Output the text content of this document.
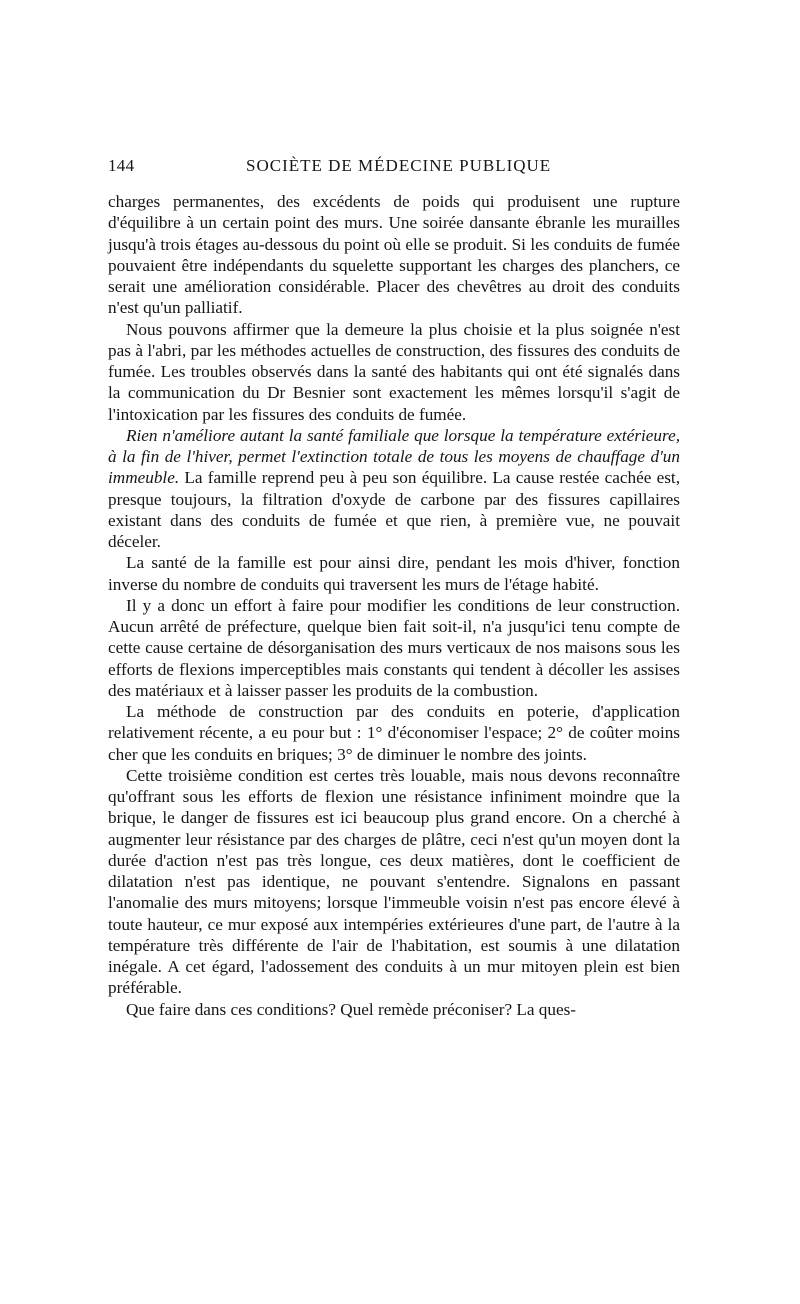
144	SOCIÈTE DE MÉDECINE PUBLIQUE

charges permanentes, des excédents de poids qui produisent une rupture d'équilibre à un certain point des murs. Une soirée dansante ébranle les murailles jusqu'à trois étages au-dessous du point où elle se produit. Si les conduits de fumée pouvaient être indépendants du squelette supportant les charges des planchers, ce serait une amélioration considérable. Placer des chevêtres au droit des conduits n'est qu'un palliatif.

Nous pouvons affirmer que la demeure la plus choisie et la plus soignée n'est pas à l'abri, par les méthodes actuelles de construction, des fissures des conduits de fumée. Les troubles observés dans la santé des habitants qui ont été signalés dans la communication du Dr Besnier sont exactement les mêmes lorsqu'il s'agit de l'intoxication par les fissures des conduits de fumée.

Rien n'améliore autant la santé familiale que lorsque la température extérieure, à la fin de l'hiver, permet l'extinction totale de tous les moyens de chauffage d'un immeuble. La famille reprend peu à peu son équilibre. La cause restée cachée est, presque toujours, la filtration d'oxyde de carbone par des fissures capillaires existant dans des conduits de fumée et que rien, à première vue, ne pouvait déceler.

La santé de la famille est pour ainsi dire, pendant les mois d'hiver, fonction inverse du nombre de conduits qui traversent les murs de l'étage habité.

Il y a donc un effort à faire pour modifier les conditions de leur construction. Aucun arrêté de préfecture, quelque bien fait soit-il, n'a jusqu'ici tenu compte de cette cause certaine de désorganisation des murs verticaux de nos maisons sous les efforts de flexions imperceptibles mais constants qui tendent à décoller les assises des matériaux et à laisser passer les produits de la combustion.

La méthode de construction par des conduits en poterie, d'application relativement récente, a eu pour but : 1° d'économiser l'espace; 2° de coûter moins cher que les conduits en briques; 3° de diminuer le nombre des joints.

Cette troisième condition est certes très louable, mais nous devons reconnaître qu'offrant sous les efforts de flexion une résistance infiniment moindre que la brique, le danger de fissures est ici beaucoup plus grand encore. On a cherché à augmenter leur résistance par des charges de plâtre, ceci n'est qu'un moyen dont la durée d'action n'est pas très longue, ces deux matières, dont le coefficient de dilatation n'est pas identique, ne pouvant s'entendre. Signalons en passant l'anomalie des murs mitoyens; lorsque l'immeuble voisin n'est pas encore élevé à toute hauteur, ce mur exposé aux intempéries extérieures d'une part, de l'autre à la température très différente de l'air de l'habitation, est soumis à une dilatation inégale. A cet égard, l'adossement des conduits à un mur mitoyen plein est bien préférable.

Que faire dans ces conditions? Quel remède préconiser? La ques-
